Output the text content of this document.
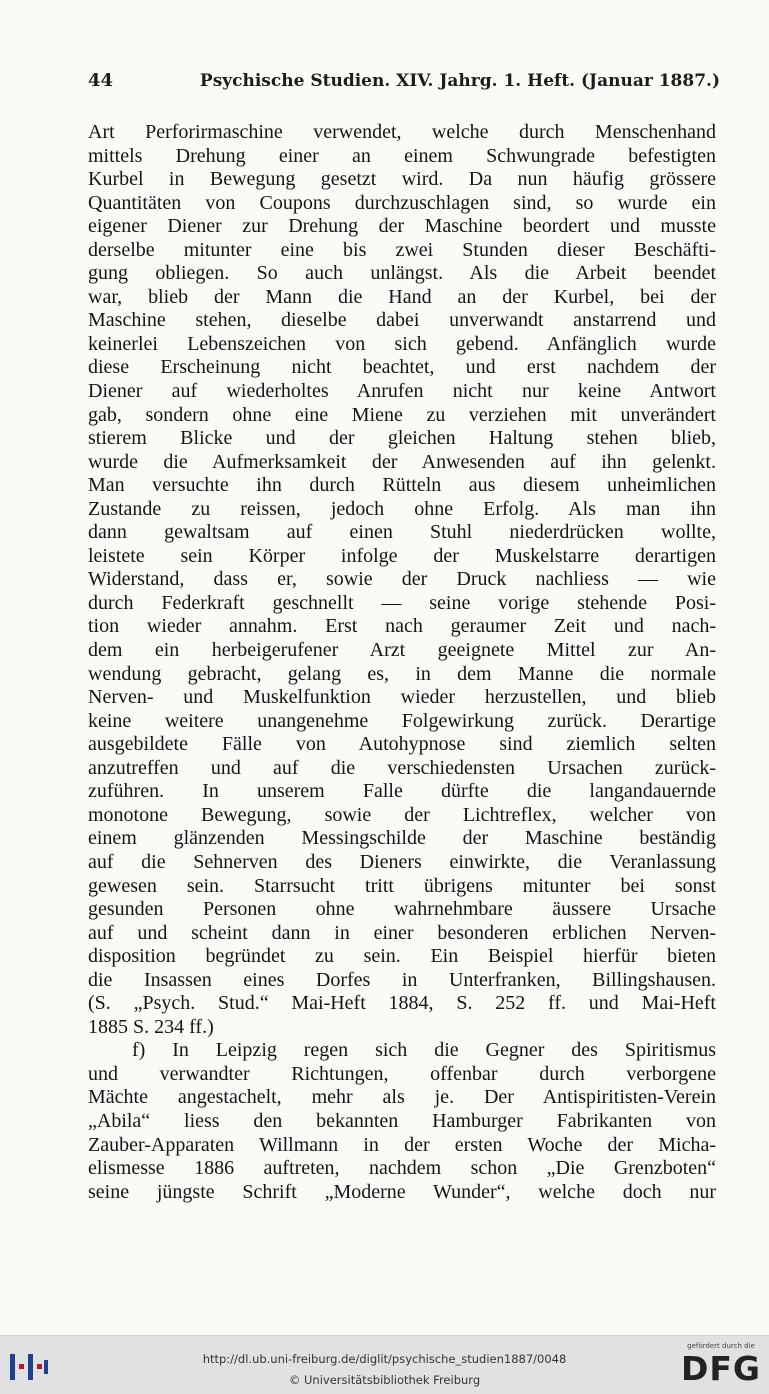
44	Psychische Studien. XIV. Jahrg. 1. Heft. (Januar 1887.)
Art Perforirmaschine verwendet, welche durch Menschenhand
mittels Drehung einer an einem Schwungrade befestigten
Kurbel in Bewegung gesetzt wird. Da nun häufig grössere
Quantitäten von Coupons durchzuschlagen sind, so wurde ein
eigener Diener zur Drehung der Maschine beordert und musste
derselbe mitunter eine bis zwei Stunden dieser Beschäfti-
gung obliegen. So auch unlängst. Als die Arbeit beendet
war, blieb der Mann die Hand an der Kurbel, bei der
Maschine stehen, dieselbe dabei unverwandt anstarrend und
keinerlei Lebenszeichen von sich gebend. Anfänglich wurde
diese Erscheinung nicht beachtet, und erst nachdem der
Diener auf wiederholtes Anrufen nicht nur keine Antwort
gab, sondern ohne eine Miene zu verziehen mit unverändert
stierem Blicke und der gleichen Haltung stehen blieb,
wurde die Aufmerksamkeit der Anwesenden auf ihn gelenkt.
Man versuchte ihn durch Rütteln aus diesem unheimlichen
Zustande zu reissen, jedoch ohne Erfolg. Als man ihn
dann gewaltsam auf einen Stuhl niederdrücken wollte,
leistete sein Körper infolge der Muskelstarre derartigen
Widerstand, dass er, sowie der Druck nachliess — wie
durch Federkraft geschnellt — seine vorige stehende Posi-
tion wieder annahm. Erst nach geraumer Zeit und nach-
dem ein herbeigerufener Arzt geeignete Mittel zur An-
wendung gebracht, gelang es, in dem Manne die normale
Nerven- und Muskelfunktion wieder herzustellen, und blieb
keine weitere unangenehme Folgewirkung zurück. Derartige
ausgebildete Fälle von Autohypnose sind ziemlich selten
anzutreffen und auf die verschiedensten Ursachen zurück-
zuführen. In unserem Falle dürfte die langandauernde
monotone Bewegung, sowie der Lichtreflex, welcher von
einem glänzenden Messingschilde der Maschine beständig
auf die Sehnerven des Dieners einwirkte, die Veranlassung
gewesen sein. Starrsucht tritt übrigens mitunter bei sonst
gesunden Personen ohne wahrnehmbare äussere Ursache
auf und scheint dann in einer besonderen erblichen Nerven-
disposition begründet zu sein. Ein Beispiel hierfür bieten
die Insassen eines Dorfes in Unterfranken, Billingshausen.
(S. „Psych. Stud.“ Mai-Heft 1884, S. 252 ff. und Mai-Heft
1885 S. 234 ff.)
f) In Leipzig regen sich die Gegner des Spiritismus
und verwandter Richtungen, offenbar durch verborgene
Mächte angestachelt, mehr als je. Der Antispiritisten-Verein
„Abila“ liess den bekannten Hamburger Fabrikanten von
Zauber-Apparaten Willmann in der ersten Woche der Micha-
elismesse 1886 auftreten, nachdem schon „Die Grenzboten“
seine jüngste Schrift „Moderne Wunder“, welche doch nur
http://dl.ub.uni-freiburg.de/diglit/psychische_studien1887/0048
© Universitätsbibliothek Freiburg
gefördert durch die
DFG
